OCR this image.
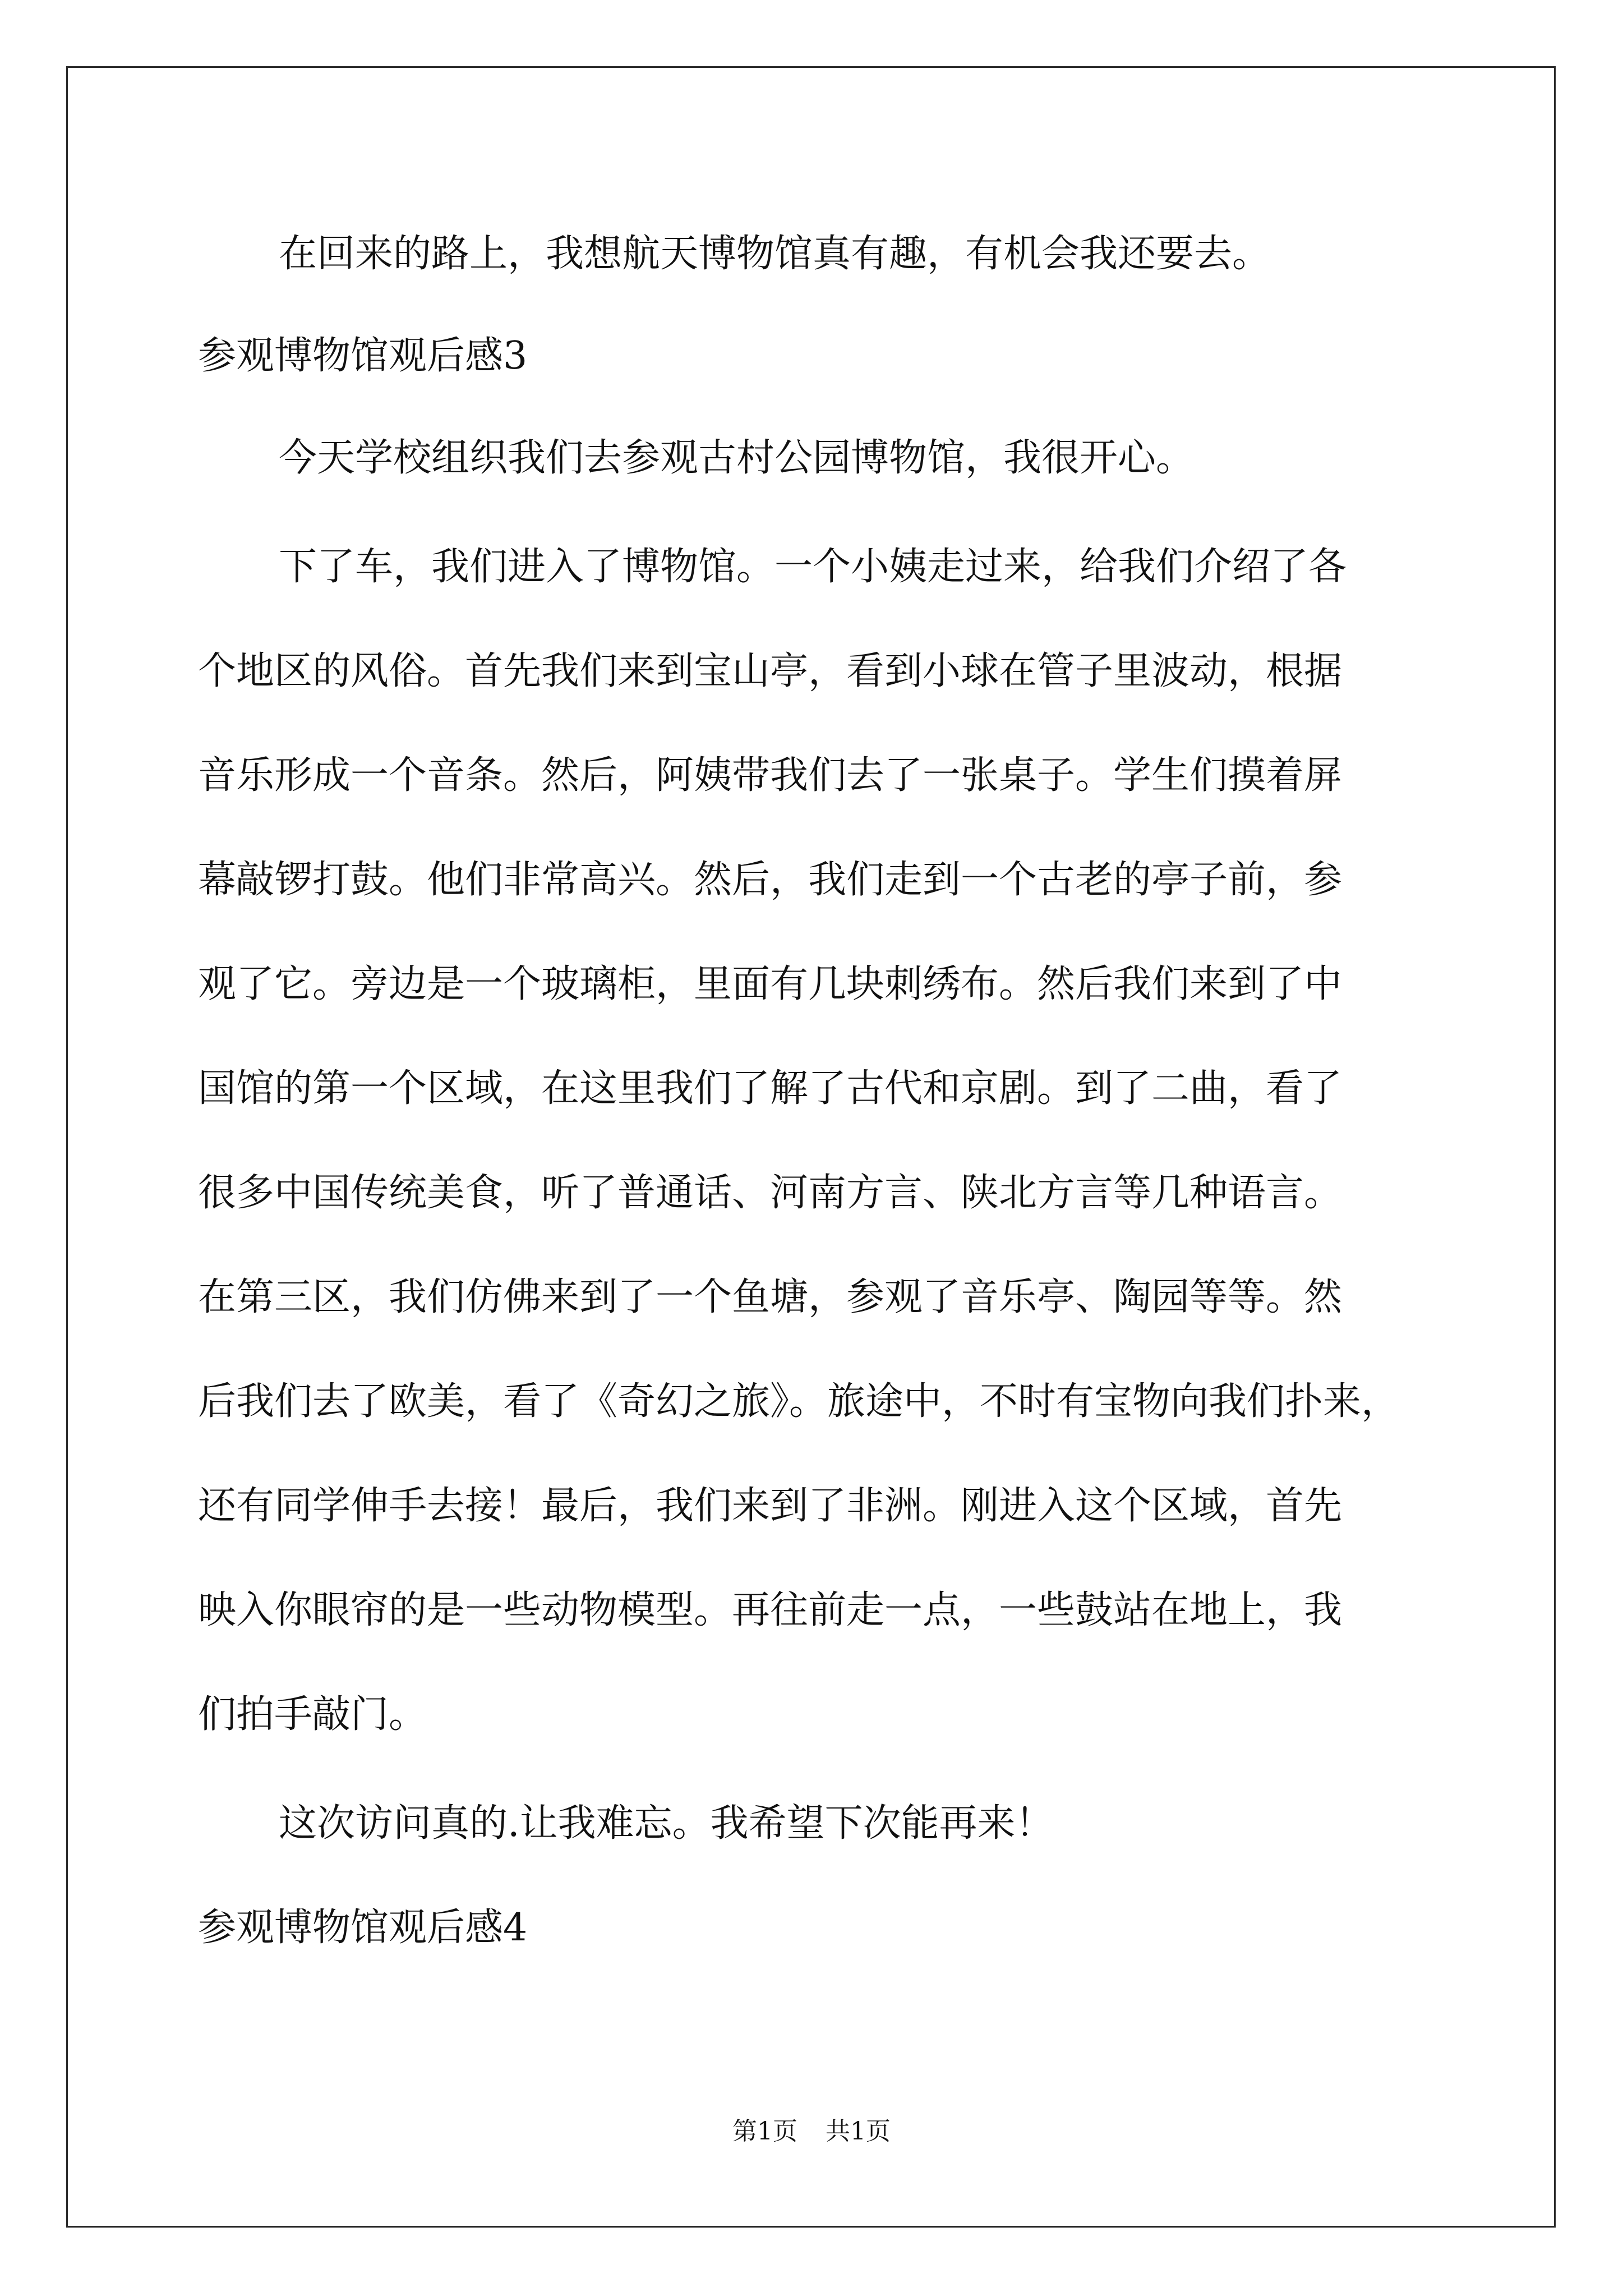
在回来的路上，我想航天博物馆真有趣，有机会我还要去。
参观博物馆观后感3
今天学校组织我们去参观古村公园博物馆，我很开心。
下了车，我们进入了博物馆。一个小姨走过来，给我们介绍了各
个地区的风俗。首先我们来到宝山亭，看到小球在管子里波动，根据
音乐形成一个音条。然后，阿姨带我们去了一张桌子。学生们摸着屏
幕敲锣打鼓。他们非常高兴。然后，我们走到一个古老的亭子前，参
观了它。旁边是一个玻璃柜，里面有几块刺绣布。然后我们来到了中
国馆的第一个区域，在这里我们了解了古代和京剧。到了二曲，看了
很多中国传统美食，听了普通话、河南方言、陕北方言等几种语言。
在第三区，我们仿佛来到了一个鱼塘，参观了音乐亭、陶园等等。然
后我们去了欧美，看了《奇幻之旅》。旅途中，不时有宝物向我们扑来，
还有同学伸手去接！最后，我们来到了非洲。刚进入这个区域，首先
映入你眼帘的是一些动物模型。再往前走一点，一些鼓站在地上，我
们拍手敲门。
这次访问真的.让我难忘。我希望下次能再来！
参观博物馆观后感4
第1页 共1页
